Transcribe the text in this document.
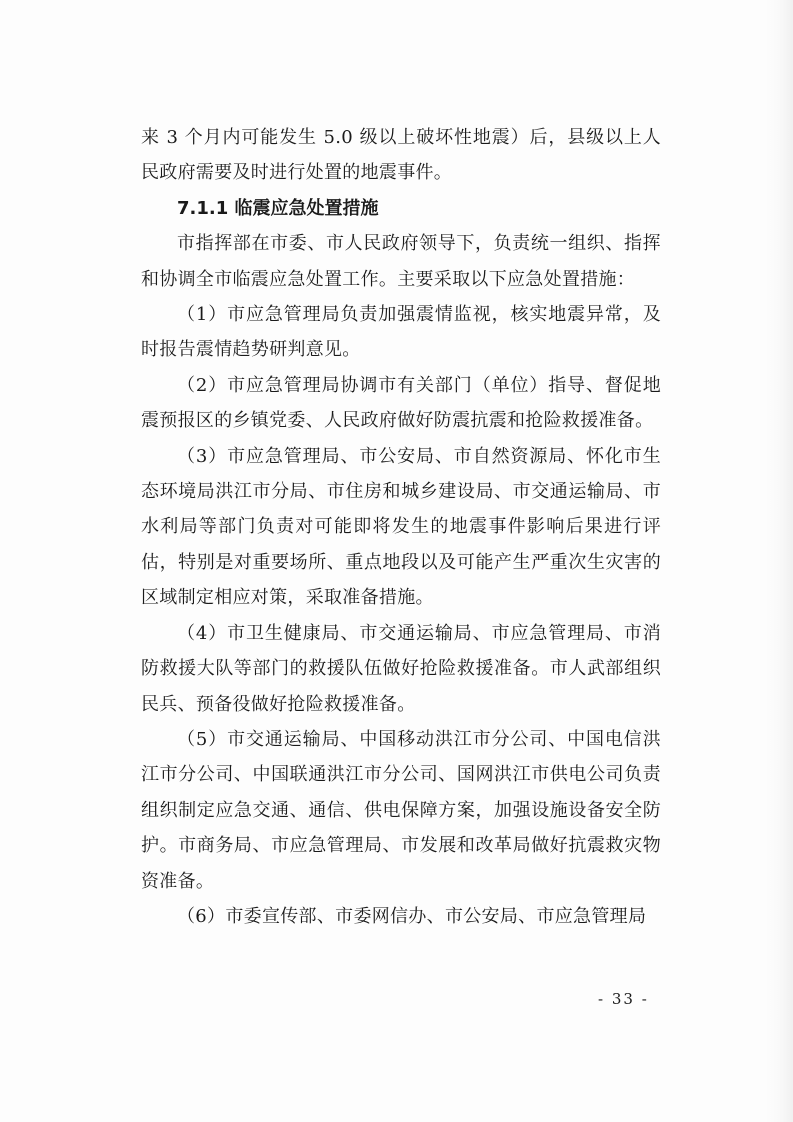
来 3 个月内可能发生 5.0 级以上破坏性地震）后，县级以上人民政府需要及时进行处置的地震事件。

7.1.1 临震应急处置措施

市指挥部在市委、市人民政府领导下，负责统一组织、指挥和协调全市临震应急处置工作。主要采取以下应急处置措施：

（1）市应急管理局负责加强震情监视，核实地震异常，及时报告震情趋势研判意见。

（2）市应急管理局协调市有关部门（单位）指导、督促地震预报区的乡镇党委、人民政府做好防震抗震和抢险救援准备。

（3）市应急管理局、市公安局、市自然资源局、怀化市生态环境局洪江市分局、市住房和城乡建设局、市交通运输局、市水利局等部门负责对可能即将发生的地震事件影响后果进行评估，特别是对重要场所、重点地段以及可能产生严重次生灾害的区域制定相应对策，采取准备措施。

（4）市卫生健康局、市交通运输局、市应急管理局、市消防救援大队等部门的救援队伍做好抢险救援准备。市人武部组织民兵、预备役做好抢险救援准备。

（5）市交通运输局、中国移动洪江市分公司、中国电信洪江市分公司、中国联通洪江市分公司、国网洪江市供电公司负责组织制定应急交通、通信、供电保障方案，加强设施设备安全防护。市商务局、市应急管理局、市发展和改革局做好抗震救灾物资准备。

（6）市委宣传部、市委网信办、市公安局、市应急管理局

- 33 -
